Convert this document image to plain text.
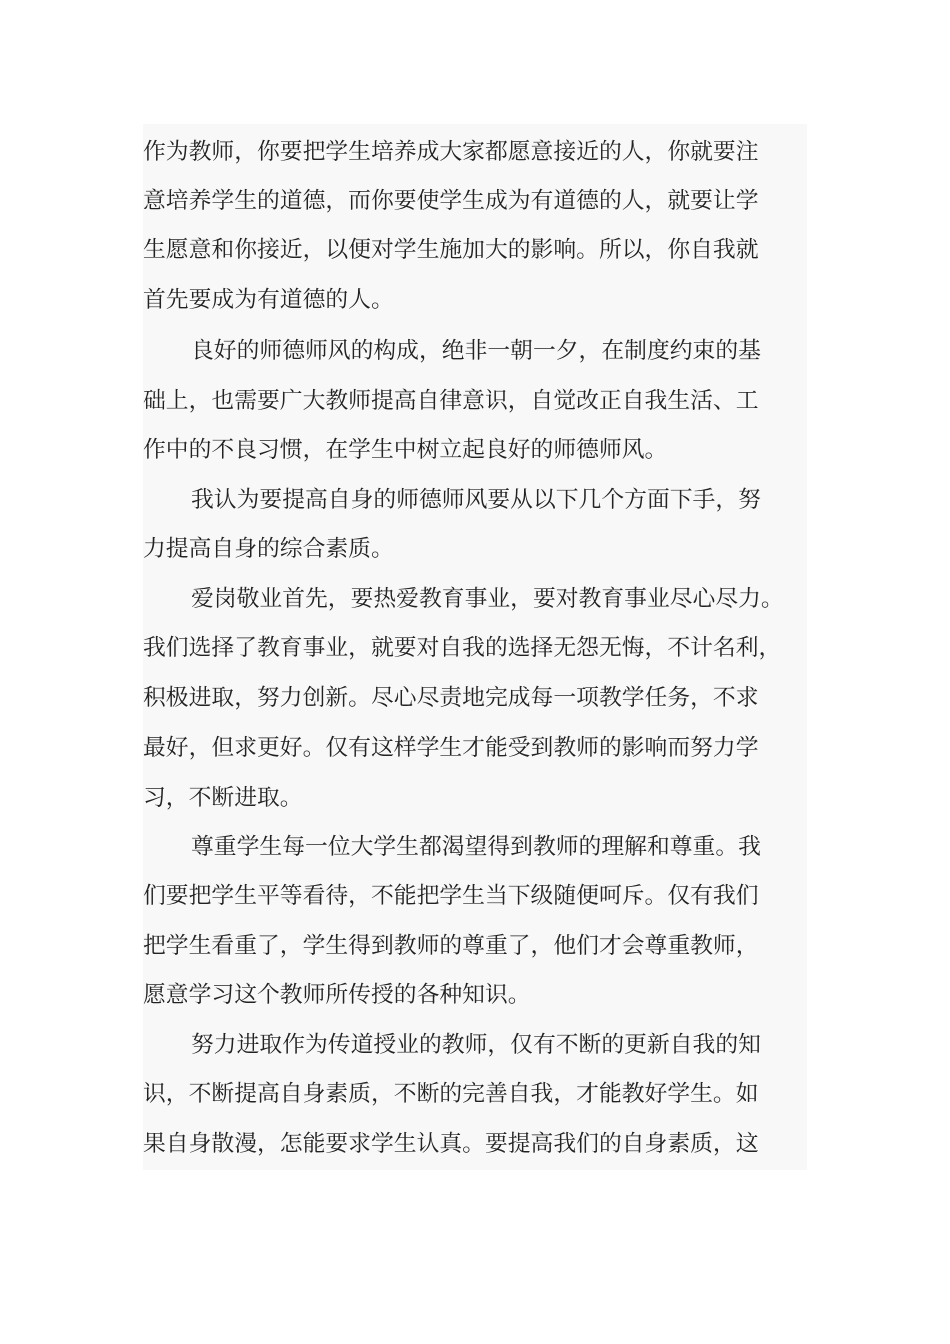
作为教师，你要把学生培养成大家都愿意接近的人，你就要注
意培养学生的道德，而你要使学生成为有道德的人，就要让学
生愿意和你接近，以便对学生施加大的影响。所以，你自我就
首先要成为有道德的人。
良好的师德师风的构成，绝非一朝一夕，在制度约束的基
础上，也需要广大教师提高自律意识，自觉改正自我生活、工
作中的不良习惯，在学生中树立起良好的师德师风。
我认为要提高自身的师德师风要从以下几个方面下手，努
力提高自身的综合素质。
爱岗敬业首先，要热爱教育事业，要对教育事业尽心尽力。
我们选择了教育事业，就要对自我的选择无怨无悔，不计名利，
积极进取，努力创新。尽心尽责地完成每一项教学任务，不求
最好，但求更好。仅有这样学生才能受到教师的影响而努力学
习，不断进取。
尊重学生每一位大学生都渴望得到教师的理解和尊重。我
们要把学生平等看待，不能把学生当下级随便呵斥。仅有我们
把学生看重了，学生得到教师的尊重了，他们才会尊重教师，
愿意学习这个教师所传授的各种知识。
努力进取作为传道授业的教师，仅有不断的更新自我的知
识，不断提高自身素质，不断的完善自我，才能教好学生。如
果自身散漫，怎能要求学生认真。要提高我们的自身素质，这
